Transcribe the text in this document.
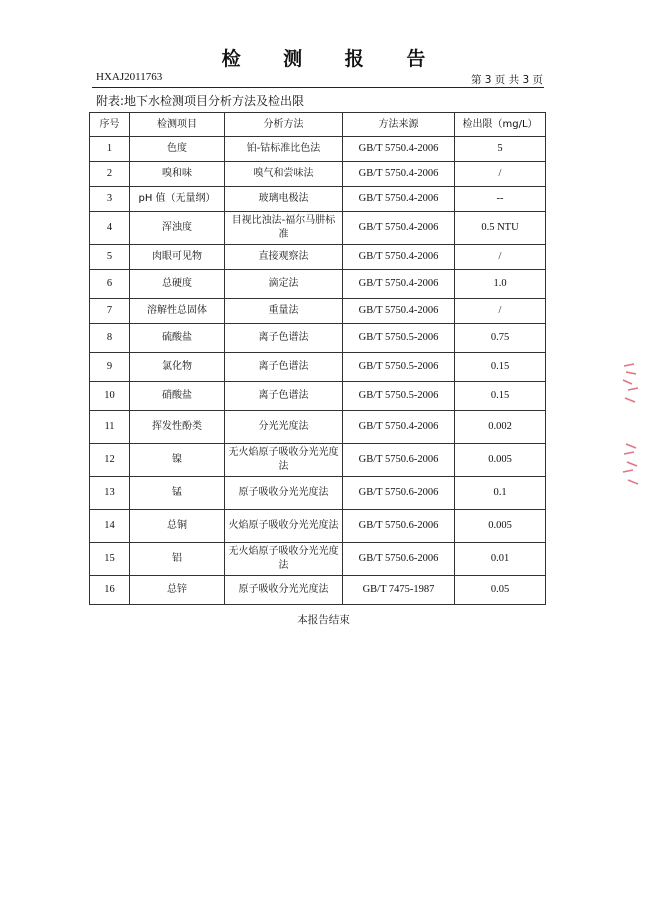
检 测 报 告
HXAJ2011763	第 3 页 共 3 页
附表:地下水检测项目分析方法及检出限
序号	检测项目	分析方法	方法来源	检出限（mg/L）
1	色度	铂-钴标准比色法	GB/T 5750.4-2006	5
2	嗅和味	嗅气和尝味法	GB/T 5750.4-2006	/
3	pH 值（无量纲）	玻璃电极法	GB/T 5750.4-2006	--
4	浑浊度	目视比浊法-福尔马肼标准	GB/T 5750.4-2006	0.5 NTU
5	肉眼可见物	直接观察法	GB/T 5750.4-2006	/
6	总硬度	滴定法	GB/T 5750.4-2006	1.0
7	溶解性总固体	重量法	GB/T 5750.4-2006	/
8	硫酸盐	离子色谱法	GB/T 5750.5-2006	0.75
9	氯化物	离子色谱法	GB/T 5750.5-2006	0.15
10	硝酸盐	离子色谱法	GB/T 5750.5-2006	0.15
11	挥发性酚类	分光光度法	GB/T 5750.4-2006	0.002
12	镍	无火焰原子吸收分光光度法	GB/T 5750.6-2006	0.005
13	锰	原子吸收分光光度法	GB/T 5750.6-2006	0.1
14	总铜	火焰原子吸收分光光度法	GB/T 5750.6-2006	0.005
15	铝	无火焰原子吸收分光光度法	GB/T 5750.6-2006	0.01
16	总锌	原子吸收分光光度法	GB/T 7475-1987	0.05
本报告结束
